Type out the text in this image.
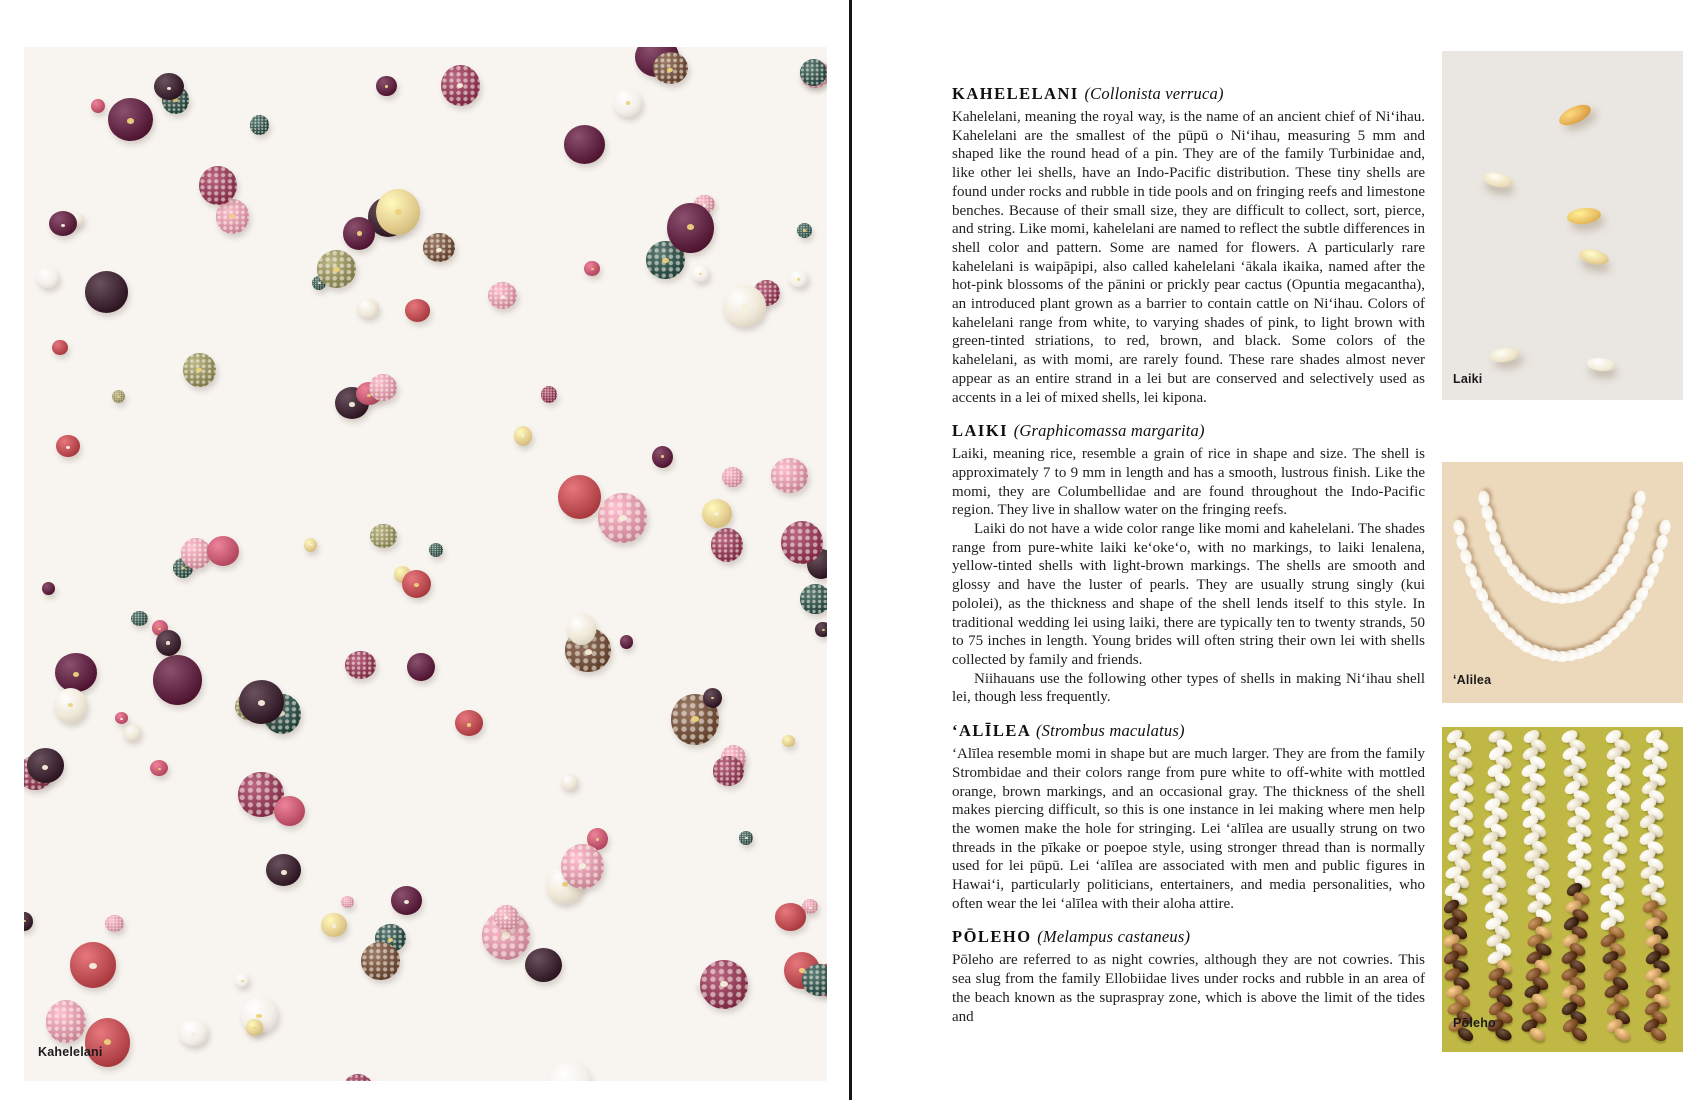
Kahelelani
KAHELELANI (Collonista verruca)

Kahelelani, meaning the royal way, is the name of an ancient chief of Niʻihau. Kahelelani are the smallest of the pūpū o Niʻihau, measuring 5 mm and shaped like the round head of a pin. They are of the family Turbinidae and, like other lei shells, have an Indo-Pacific distribution. These tiny shells are found under rocks and rubble in tide pools and on fringing reefs and limestone benches. Because of their small size, they are difficult to collect, sort, pierce, and string. Like momi, kahelelani are named to reflect the subtle differences in shell color and pattern. Some are named for flowers. A particularly rare kahelelani is waipāpipi, also called kahelelani ʻākala ikaika, named after the hot-pink blossoms of the pānini or prickly pear cactus (Opuntia megacantha), an introduced plant grown as a barrier to contain cattle on Niʻihau. Colors of kahelelani range from white, to varying shades of pink, to light brown with green-tinted striations, to red, brown, and black. Some colors of the kahelelani, as with momi, are rarely found. These rare shades almost never appear as an entire strand in a lei but are conserved and selectively used as accents in a lei of mixed shells, lei kipona.

LAIKI (Graphicomassa margarita)

Laiki, meaning rice, resemble a grain of rice in shape and size. The shell is approximately 7 to 9 mm in length and has a smooth, lustrous finish. Like the momi, they are Columbellidae and are found throughout the Indo-Pacific region. They live in shallow water on the fringing reefs.

Laiki do not have a wide color range like momi and kahelelani. The shades range from pure-white laiki keʻokeʻo, with no markings, to laiki lenalena, yellow-tinted shells with light-brown markings. The shells are smooth and glossy and have the luster of pearls. They are usually strung singly (kui pololei), as the thickness and shape of the shell lends itself to this style. In traditional wedding lei using laiki, there are typically ten to twenty strands, 50 to 75 inches in length. Young brides will often string their own lei with shells collected by family and friends.

Niihauans use the following other types of shells in making Niʻihau shell lei, though less frequently.

ʻALĪLEA (Strombus maculatus)

ʻAlīlea resemble momi in shape but are much larger. They are from the family Strombidae and their colors range from pure white to off-white with mottled orange, brown markings, and an occasional gray. The thickness of the shell makes piercing difficult, so this is one instance in lei making where men help the women make the hole for stringing. Lei ʻalīlea are usually strung on two threads in the pīkake or poepoe style, using stronger thread than is normally used for lei pūpū. Lei ʻalīlea are associated with men and public figures in Hawaiʻi, particularly politicians, entertainers, and media personalities, who often wear the lei ʻalīlea with their aloha attire.

PŌLEHO (Melampus castaneus)

Pōleho are referred to as night cowries, although they are not cowries. This sea slug from the family Ellobiidae lives under rocks and rubble in an area of the beach known as the supraspray zone, which is above the limit of the tides and

Laiki
ʻAlilea
Pōleho
